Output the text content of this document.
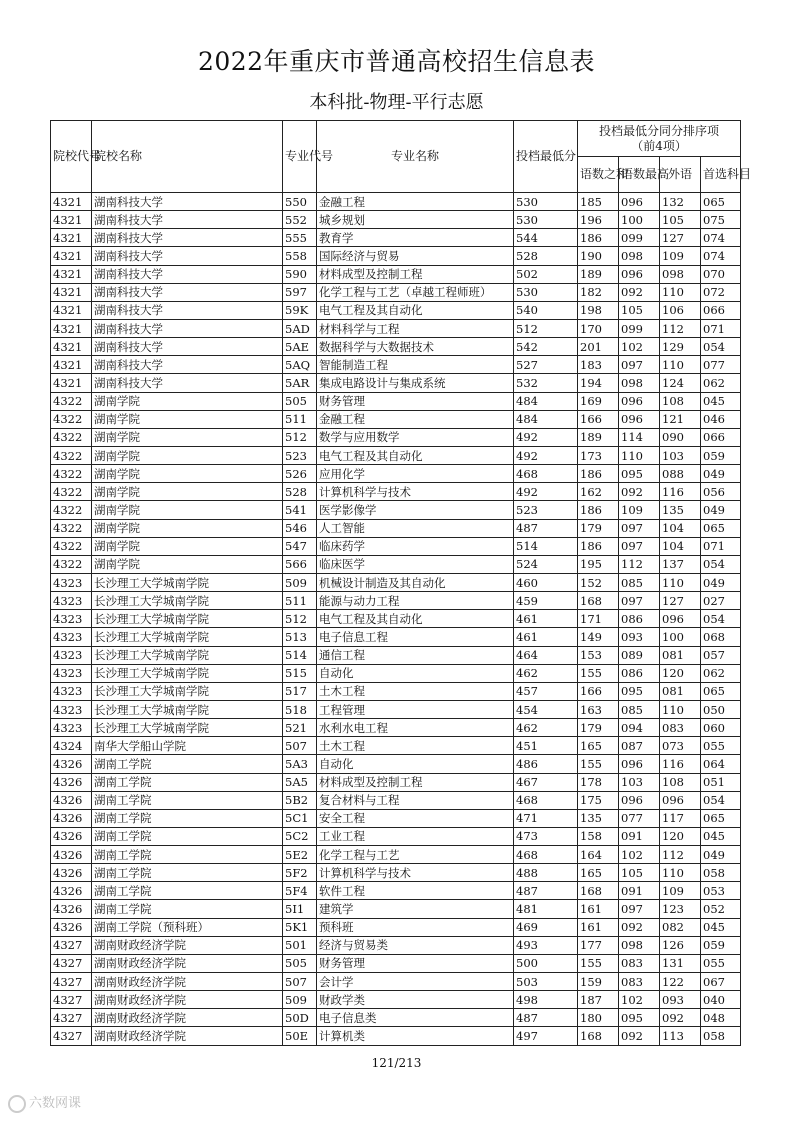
2022年重庆市普通高校招生信息表
本科批-物理-平行志愿
院校代号	院校名称	专业代号	专业名称	投档最低分	投档最低分同分排序项
（前4项）			

					语数之和	语数最高	外语	首选科目
4321	湖南科技大学	550	金融工程	530	185	096	132	065
4321	湖南科技大学	552	城乡规划	530	196	100	105	075
4321	湖南科技大学	555	教育学	544	186	099	127	074
4321	湖南科技大学	558	国际经济与贸易	528	190	098	109	074
4321	湖南科技大学	590	材料成型及控制工程	502	189	096	098	070
4321	湖南科技大学	597	化学工程与工艺（卓越工程师班）	530	182	092	110	072
4321	湖南科技大学	59K	电气工程及其自动化	540	198	105	106	066
4321	湖南科技大学	5AD	材料科学与工程	512	170	099	112	071
4321	湖南科技大学	5AE	数据科学与大数据技术	542	201	102	129	054
4321	湖南科技大学	5AQ	智能制造工程	527	183	097	110	077
4321	湖南科技大学	5AR	集成电路设计与集成系统	532	194	098	124	062
4322	湖南学院	505	财务管理	484	169	096	108	045
4322	湖南学院	511	金融工程	484	166	096	121	046
4322	湖南学院	512	数学与应用数学	492	189	114	090	066
4322	湖南学院	523	电气工程及其自动化	492	173	110	103	059
4322	湖南学院	526	应用化学	468	186	095	088	049
4322	湖南学院	528	计算机科学与技术	492	162	092	116	056
4322	湖南学院	541	医学影像学	523	186	109	135	049
4322	湖南学院	546	人工智能	487	179	097	104	065
4322	湖南学院	547	临床药学	514	186	097	104	071
4322	湖南学院	566	临床医学	524	195	112	137	054
4323	长沙理工大学城南学院	509	机械设计制造及其自动化	460	152	085	110	049
4323	长沙理工大学城南学院	511	能源与动力工程	459	168	097	127	027
4323	长沙理工大学城南学院	512	电气工程及其自动化	461	171	086	096	054
4323	长沙理工大学城南学院	513	电子信息工程	461	149	093	100	068
4323	长沙理工大学城南学院	514	通信工程	464	153	089	081	057
4323	长沙理工大学城南学院	515	自动化	462	155	086	120	062
4323	长沙理工大学城南学院	517	土木工程	457	166	095	081	065
4323	长沙理工大学城南学院	518	工程管理	454	163	085	110	050
4323	长沙理工大学城南学院	521	水利水电工程	462	179	094	083	060
4324	南华大学船山学院	507	土木工程	451	165	087	073	055
4326	湖南工学院	5A3	自动化	486	155	096	116	064
4326	湖南工学院	5A5	材料成型及控制工程	467	178	103	108	051
4326	湖南工学院	5B2	复合材料与工程	468	175	096	096	054
4326	湖南工学院	5C1	安全工程	471	135	077	117	065
4326	湖南工学院	5C2	工业工程	473	158	091	120	045
4326	湖南工学院	5E2	化学工程与工艺	468	164	102	112	049
4326	湖南工学院	5F2	计算机科学与技术	488	165	105	110	058
4326	湖南工学院	5F4	软件工程	487	168	091	109	053
4326	湖南工学院	5I1	建筑学	481	161	097	123	052
4326	湖南工学院（预科班）	5K1	预科班	469	161	092	082	045
4327	湖南财政经济学院	501	经济与贸易类	493	177	098	126	059
4327	湖南财政经济学院	505	财务管理	500	155	083	131	055
4327	湖南财政经济学院	507	会计学	503	159	083	122	067
4327	湖南财政经济学院	509	财政学类	498	187	102	093	040
4327	湖南财政经济学院	50D	电子信息类	487	180	095	092	048
4327	湖南财政经济学院	50E	计算机类	497	168	092	113	058
121/213
六数网课
